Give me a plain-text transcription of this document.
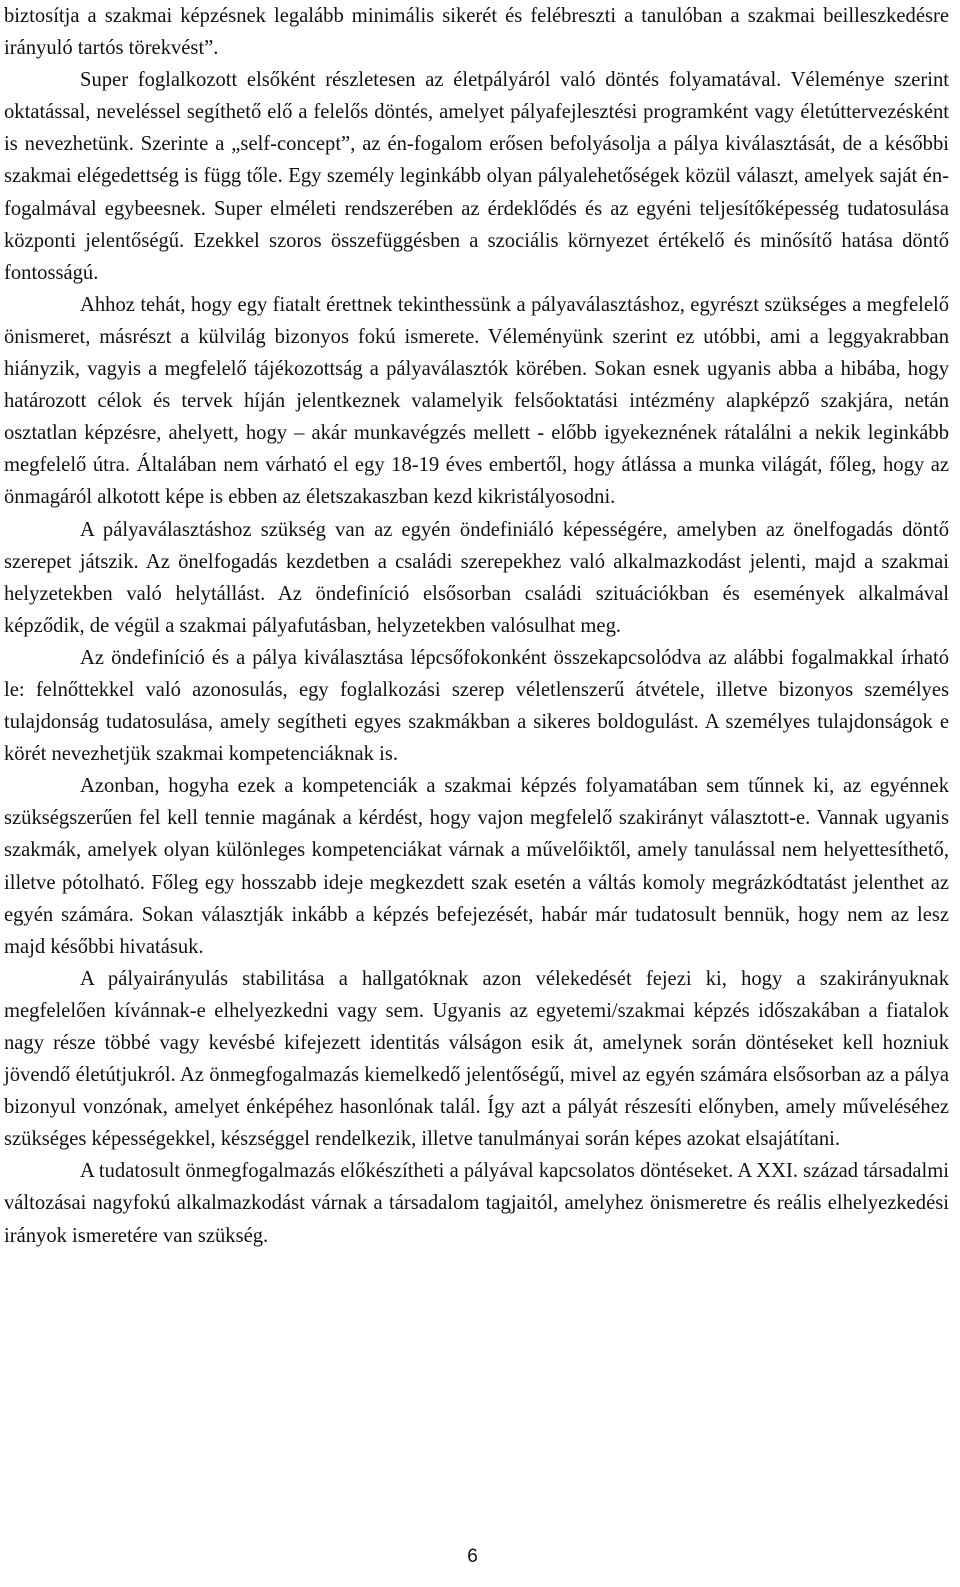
biztosítja a szakmai képzésnek legalább minimális sikerét és felébreszti a tanulóban a szakmai beilleszkedésre irányuló tartós törekvést”.

Super foglalkozott elsőként részletesen az életpályáról való döntés folyamatával. Véleménye szerint oktatással, neveléssel segíthető elő a felelős döntés, amelyet pályafejlesztési programként vagy életúttervezésként is nevezhetünk. Szerinte a „self-concept”, az én-fogalom erősen befolyásolja a pálya kiválasztását, de a későbbi szakmai elégedettség is függ tőle. Egy személy leginkább olyan pályalehetőségek közül választ, amelyek saját én-fogalmával egybeesnek. Super elméleti rendszerében az érdeklődés és az egyéni teljesítőképesség tudatosulása központi jelentőségű. Ezekkel szoros összefüggésben a szociális környezet értékelő és minősítő hatása döntő fontosságú.

Ahhoz tehát, hogy egy fiatalt érettnek tekinthessünk a pályaválasztáshoz, egyrészt szükséges a megfelelő önismeret, másrészt a külvilág bizonyos fokú ismerete. Véleményünk szerint ez utóbbi, ami a leggyakrabban hiányzik, vagyis a megfelelő tájékozottság a pályaválasztók körében. Sokan esnek ugyanis abba a hibába, hogy határozott célok és tervek híján jelentkeznek valamelyik felsőoktatási intézmény alapképző szakjára, netán osztatlan képzésre, ahelyett, hogy – akár munkavégzés mellett - előbb igyekeznének rátalálni a nekik leginkább megfelelő útra. Általában nem várható el egy 18-19 éves embertől, hogy átlássa a munka világát, főleg, hogy az önmagáról alkotott képe is ebben az életszakaszban kezd kikristályosodni.

A pályaválasztáshoz szükség van az egyén öndefiniáló képességére, amelyben az önelfogadás döntő szerepet játszik. Az önelfogadás kezdetben a családi szerepekhez való alkalmazkodást jelenti, majd a szakmai helyzetekben való helytállást. Az öndefiníció elsősorban családi szituációkban és események alkalmával képződik, de végül a szakmai pályafutásban, helyzetekben valósulhat meg.

Az öndefiníció és a pálya kiválasztása lépcsőfokonként összekapcsolódva az alábbi fogalmakkal írható le: felnőttekkel való azonosulás, egy foglalkozási szerep véletlenszerű átvétele, illetve bizonyos személyes tulajdonság tudatosulása, amely segítheti egyes szakmákban a sikeres boldogulást. A személyes tulajdonságok e körét nevezhetjük szakmai kompetenciáknak is.

Azonban, hogyha ezek a kompetenciák a szakmai képzés folyamatában sem tűnnek ki, az egyénnek szükségszerűen fel kell tennie magának a kérdést, hogy vajon megfelelő szakirányt választott-e. Vannak ugyanis szakmák, amelyek olyan különleges kompetenciákat várnak a művelőiktől, amely tanulással nem helyettesíthető, illetve pótolható. Főleg egy hosszabb ideje megkezdett szak esetén a váltás komoly megrázkódtatást jelenthet az egyén számára. Sokan választják inkább a képzés befejezését, habár már tudatosult bennük, hogy nem az lesz majd későbbi hivatásuk.

A pályairányulás stabilitása a hallgatóknak azon vélekedését fejezi ki, hogy a szakirányuknak megfelelően kívánnak-e elhelyezkedni vagy sem. Ugyanis az egyetemi/szakmai képzés időszakában a fiatalok nagy része többé vagy kevésbé kifejezett identitás válságon esik át, amelynek során döntéseket kell hozniuk jövendő életútjukról. Az önmegfogalmazás kiemelkedő jelentőségű, mivel az egyén számára elsősorban az a pálya bizonyul vonzónak, amelyet énképéhez hasonlónak talál. Így azt a pályát részesíti előnyben, amely műveléséhez szükséges képességekkel, készséggel rendelkezik, illetve tanulmányai során képes azokat elsajátítani.

A tudatosult önmegfogalmazás előkészítheti a pályával kapcsolatos döntéseket. A XXI. század társadalmi változásai nagyfokú alkalmazkodást várnak a társadalom tagjaitól, amelyhez önismeretre és reális elhelyezkedési irányok ismeretére van szükség.

6
